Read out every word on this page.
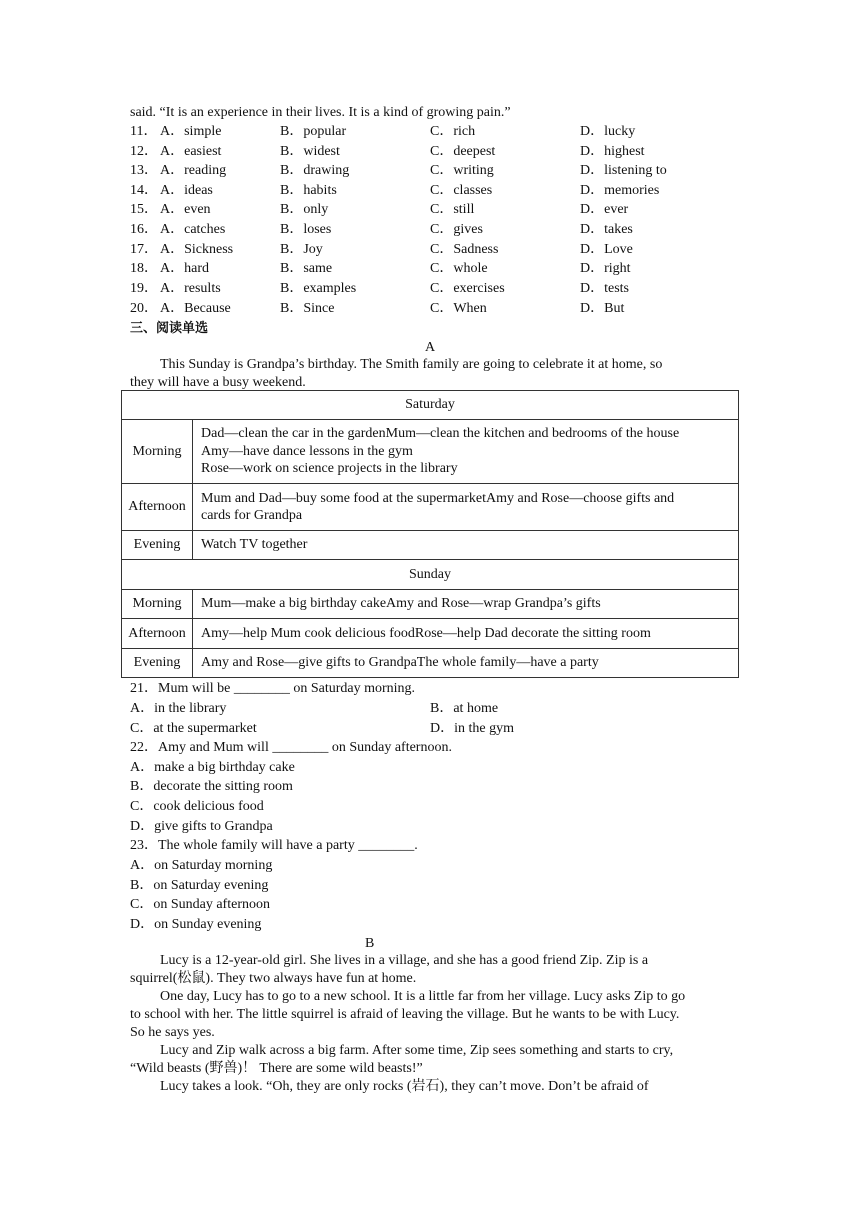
said. “It is an experience in their lives. It is a kind of growing pain.”
11． A．simple	B．popular	C．rich	D．lucky
12． A．easiest	B．widest	C．deepest	D．highest
13． A．reading	B．drawing	C．writing	D．listening to
14． A．ideas	B．habits	C．classes	D．memories
15． A．even	B．only	C．still	D．ever
16． A．catches	B．loses	C．gives	D．takes
17． A．Sickness	B．Joy	C．Sadness	D．Love
18． A．hard	B．same	C．whole	D．right
19． A．results	B．examples	C．exercises	D．tests
20． A．Because	B．Since	C．When	D．But
三、阅读单选
A
This Sunday is Grandpa’s birthday. The Smith family are going to celebrate it at home, so
they will have a busy weekend.
Saturday	
Morning	Dad—clean the car in the gardenMum—clean the kitchen and bedrooms of the house
Amy—have dance lessons in the gym
Rose—work on science projects in the library

Afternoon	Mum and Dad—buy some food at the supermarketAmy and Rose—choose gifts and
cards for Grandpa

Evening	Watch TV together
Sunday	
Morning	Mum—make a big birthday cakeAmy and Rose—wrap Grandpa’s gifts
Afternoon	Amy—help Mum cook delicious foodRose—help Dad decorate the sitting room
Evening	Amy and Rose—give gifts to GrandpaThe whole family—have a party
21．Mum will be ________ on Saturday morning.
A．in the library	B．at home
C．at the supermarket	D．in the gym
22．Amy and Mum will ________ on Sunday afternoon.
A．make a big birthday cake
B．decorate the sitting room
C．cook delicious food
D．give gifts to Grandpa
23．The whole family will have a party ________.
A．on Saturday morning
B．on Saturday evening
C．on Sunday afternoon
D．on Sunday evening
B
Lucy is a 12-year-old girl. She lives in a village, and she has a good friend Zip. Zip is a
squirrel(松鼠). They two always have fun at home.
One day, Lucy has to go to a new school. It is a little far from her village. Lucy asks Zip to go
to school with her. The little squirrel is afraid of leaving the village. But he wants to be with Lucy.
So he says yes.
Lucy and Zip walk across a big farm. After some time, Zip sees something and starts to cry,
“Wild beasts (野兽)！ There are some wild beasts!”
Lucy takes a look. “Oh, they are only rocks (岩石), they can’t move. Don’t be afraid of
